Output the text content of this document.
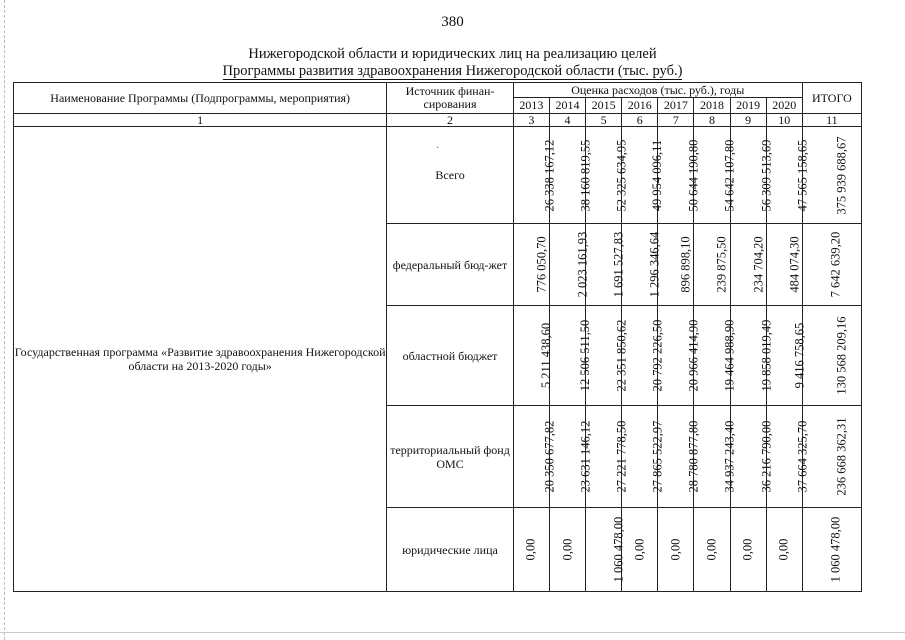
380
Нижегородской области и юридических лиц на реализацию целей
Программы развития здравоохранения Нижегородской области (тыс. руб.)
·
Наименование Программы (Подпрограммы, мероприятия)	Источник финан-сирования	Оценка расходов (тыс. руб.), годы								ИТОГО
		2013	2014	2015	2016	2017	2018	2019	2020	
1	2	3	4	5	6	7	8	9	10	11
Государственная программа «Развитие здравоохранения Нижегородской области на 2013-2020 годы»	Всего	26 338 167,12	38 160 819,55	52 325 634,95	49 954 096,11	50 644 190,80	54 642 107,80	56 309 513,69	47 565 158,65	375 939 688,67
	федеральный бюд-жет	776 050,70	2 023 161,93	1 691 527,83	1 296 346,64	896 898,10	239 875,50	234 704,20	484 074,30	7 642 639,20
	областной бюджет	5 211 438,60	12 506 511,50	22 351 850,62	20 792 226,50	20 966 414,90	19 464 988,90	19 858 019,49	9 416 758,65	130 568 209,16
	территориальный фонд ОМС	20 350 677,82	23 631 146,12	27 221 778,50	27 865 522,97	28 780 877,80	34 937 243,40	36 216 790,00	37 664 325,70	236 668 362,31
	юридические лица	0,00	0,00	1 060 478,00	0,00	0,00	0,00	0,00	0,00	1 060 478,00
